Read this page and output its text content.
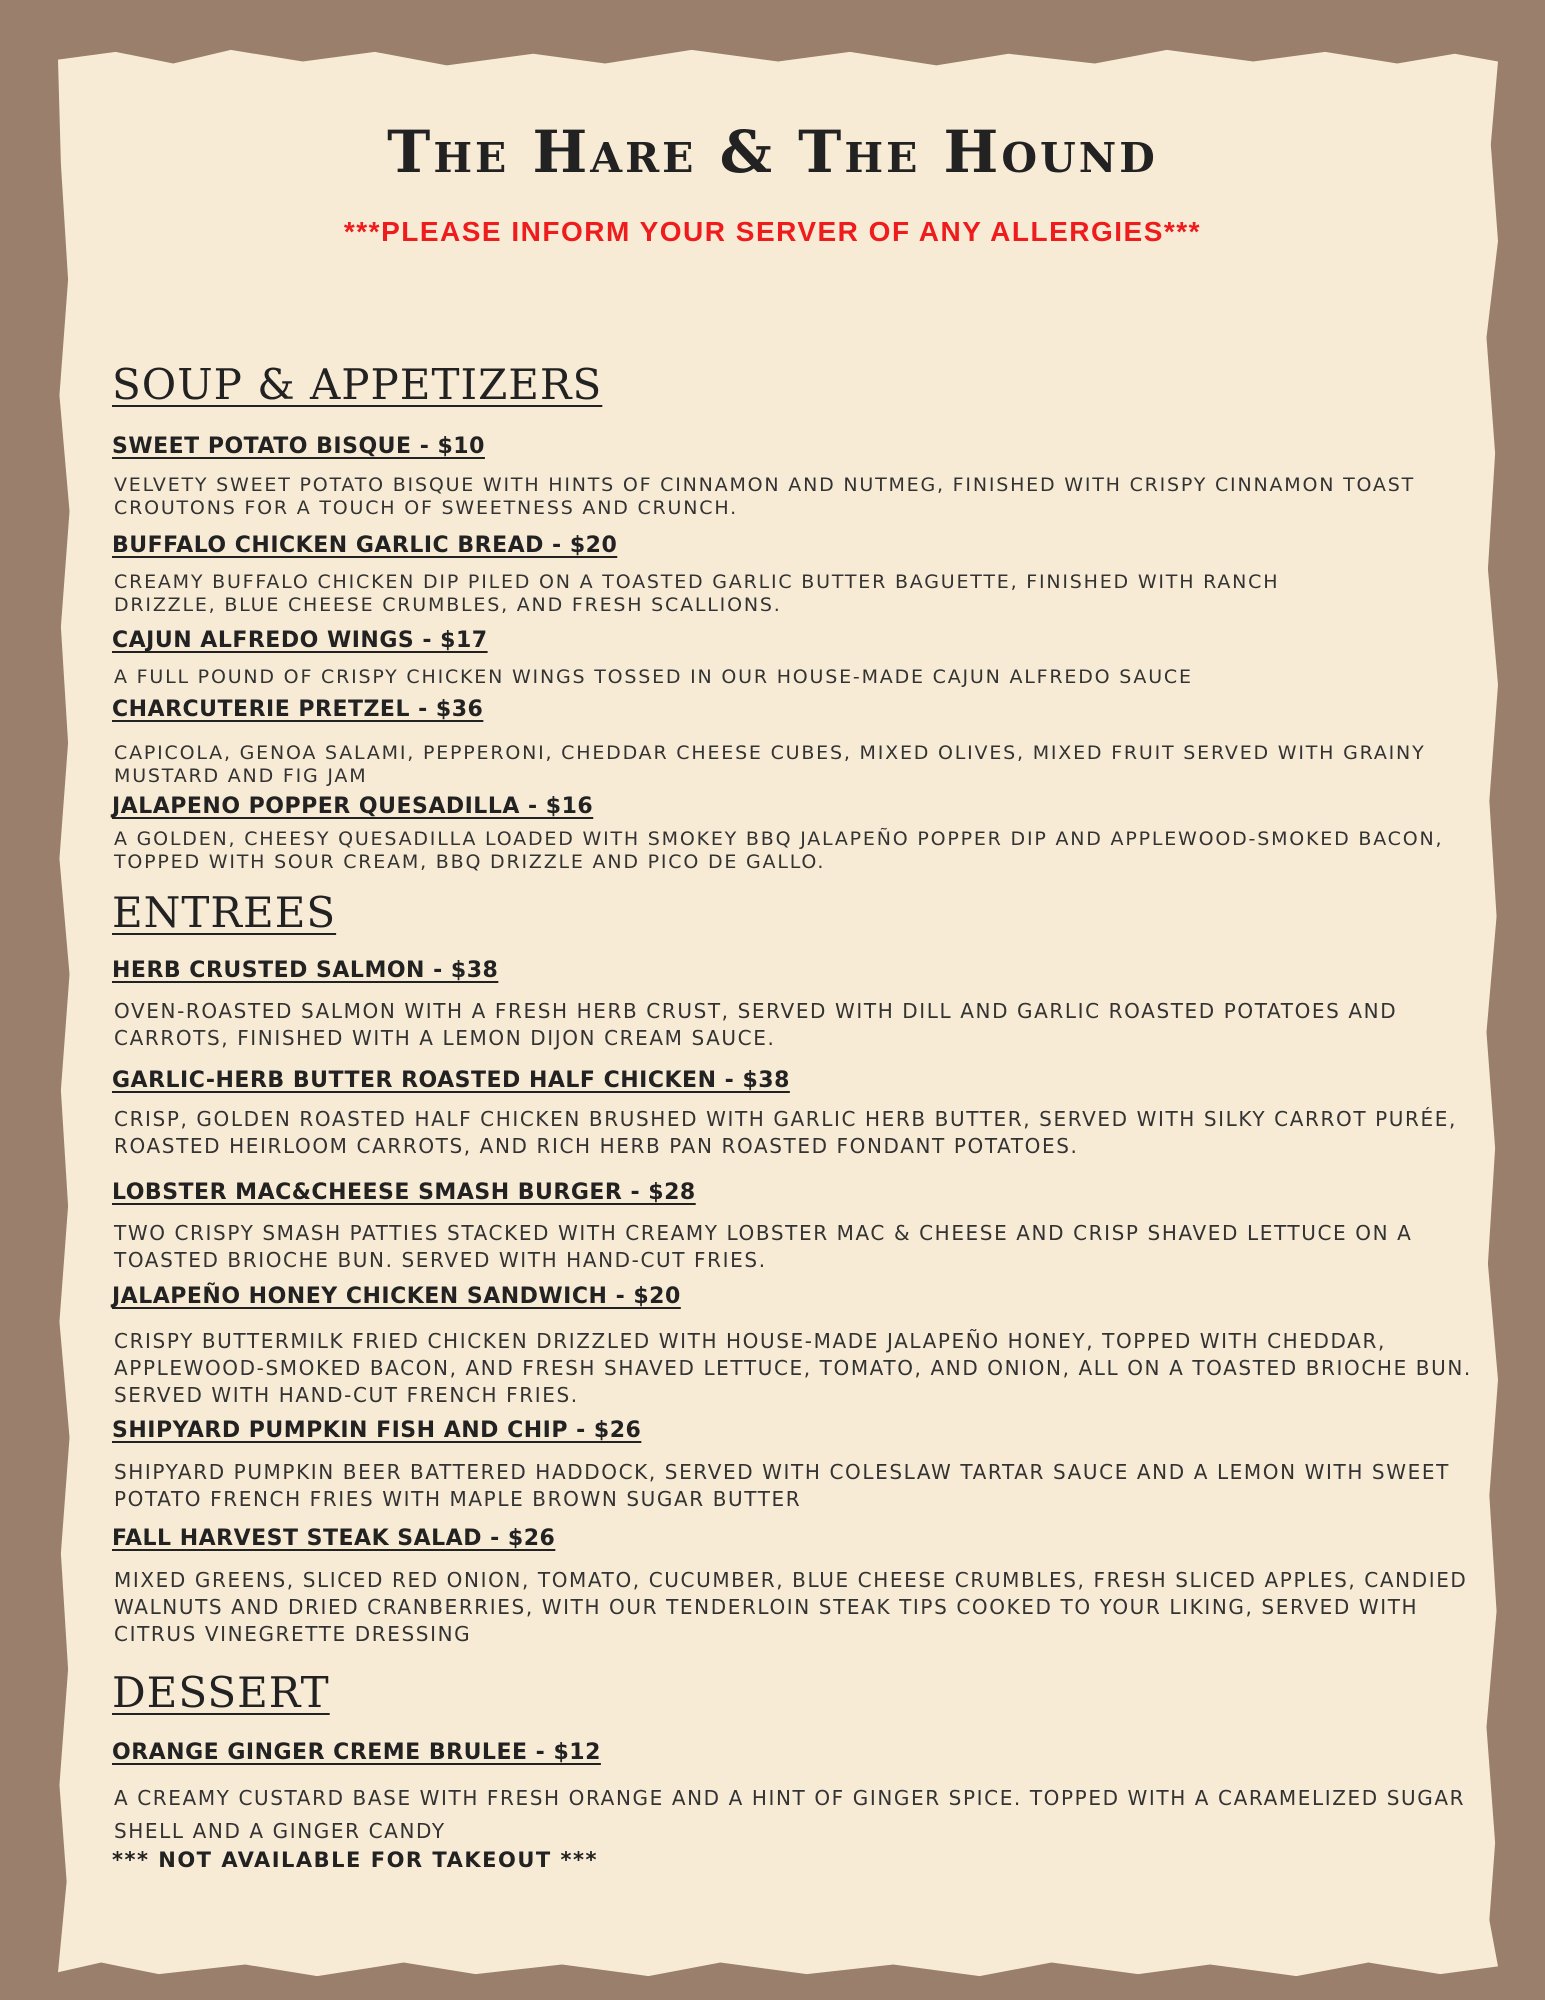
The Hare & The Hound
***PLEASE INFORM YOUR SERVER OF ANY ALLERGIES***
SOUP & APPETIZERS
SWEET POTATO BISQUE - $10
VELVETY SWEET POTATO BISQUE WITH HINTS OF CINNAMON AND NUTMEG, FINISHED WITH CRISPY CINNAMON TOAST CROUTONS FOR A TOUCH OF SWEETNESS AND CRUNCH.
BUFFALO CHICKEN GARLIC BREAD - $20
CREAMY BUFFALO CHICKEN DIP PILED ON A TOASTED GARLIC BUTTER BAGUETTE, FINISHED WITH RANCH DRIZZLE, BLUE CHEESE CRUMBLES, AND FRESH SCALLIONS.
CAJUN ALFREDO WINGS - $17
A FULL POUND OF CRISPY CHICKEN WINGS TOSSED IN OUR HOUSE-MADE CAJUN ALFREDO SAUCE
CHARCUTERIE PRETZEL - $36
CAPICOLA, GENOA SALAMI, PEPPERONI, CHEDDAR CHEESE CUBES, MIXED OLIVES, MIXED FRUIT SERVED WITH GRAINY MUSTARD AND FIG JAM
JALAPENO POPPER QUESADILLA - $16
A GOLDEN, CHEESY QUESADILLA LOADED WITH SMOKEY BBQ JALAPEÑO POPPER DIP AND APPLEWOOD-SMOKED BACON, TOPPED WITH SOUR CREAM, BBQ DRIZZLE AND PICO DE GALLO.
ENTREES
HERB CRUSTED SALMON - $38
OVEN-ROASTED SALMON WITH A FRESH HERB CRUST, SERVED WITH DILL AND GARLIC ROASTED POTATOES AND CARROTS, FINISHED WITH A LEMON DIJON CREAM SAUCE.
GARLIC-HERB BUTTER ROASTED HALF CHICKEN - $38
CRISP, GOLDEN ROASTED HALF CHICKEN BRUSHED WITH GARLIC HERB BUTTER, SERVED WITH SILKY CARROT PURÉE, ROASTED HEIRLOOM CARROTS, AND RICH HERB PAN ROASTED FONDANT POTATOES.
LOBSTER MAC&CHEESE SMASH BURGER - $28
TWO CRISPY SMASH PATTIES STACKED WITH CREAMY LOBSTER MAC & CHEESE AND CRISP SHAVED LETTUCE ON A TOASTED BRIOCHE BUN. SERVED WITH HAND-CUT FRIES.
JALAPEÑO HONEY CHICKEN SANDWICH - $20
CRISPY BUTTERMILK FRIED CHICKEN DRIZZLED WITH HOUSE-MADE JALAPEÑO HONEY, TOPPED WITH CHEDDAR, APPLEWOOD-SMOKED BACON, AND FRESH SHAVED LETTUCE, TOMATO, AND ONION, ALL ON A TOASTED BRIOCHE BUN. SERVED WITH HAND-CUT FRENCH FRIES.
SHIPYARD PUMPKIN FISH AND CHIP - $26
SHIPYARD PUMPKIN BEER BATTERED HADDOCK, SERVED WITH COLESLAW TARTAR SAUCE AND A LEMON WITH SWEET POTATO FRENCH FRIES WITH MAPLE BROWN SUGAR BUTTER
FALL HARVEST STEAK SALAD - $26
MIXED GREENS, SLICED RED ONION, TOMATO, CUCUMBER, BLUE CHEESE CRUMBLES, FRESH SLICED APPLES, CANDIED WALNUTS AND DRIED CRANBERRIES, WITH OUR TENDERLOIN STEAK TIPS COOKED TO YOUR LIKING, SERVED WITH CITRUS VINEGRETTE DRESSING
DESSERT
ORANGE GINGER CREME BRULEE - $12
A CREAMY CUSTARD BASE WITH FRESH ORANGE AND A HINT OF GINGER SPICE. TOPPED WITH A CARAMELIZED SUGAR SHELL AND A GINGER CANDY
*** NOT AVAILABLE FOR TAKEOUT ***
